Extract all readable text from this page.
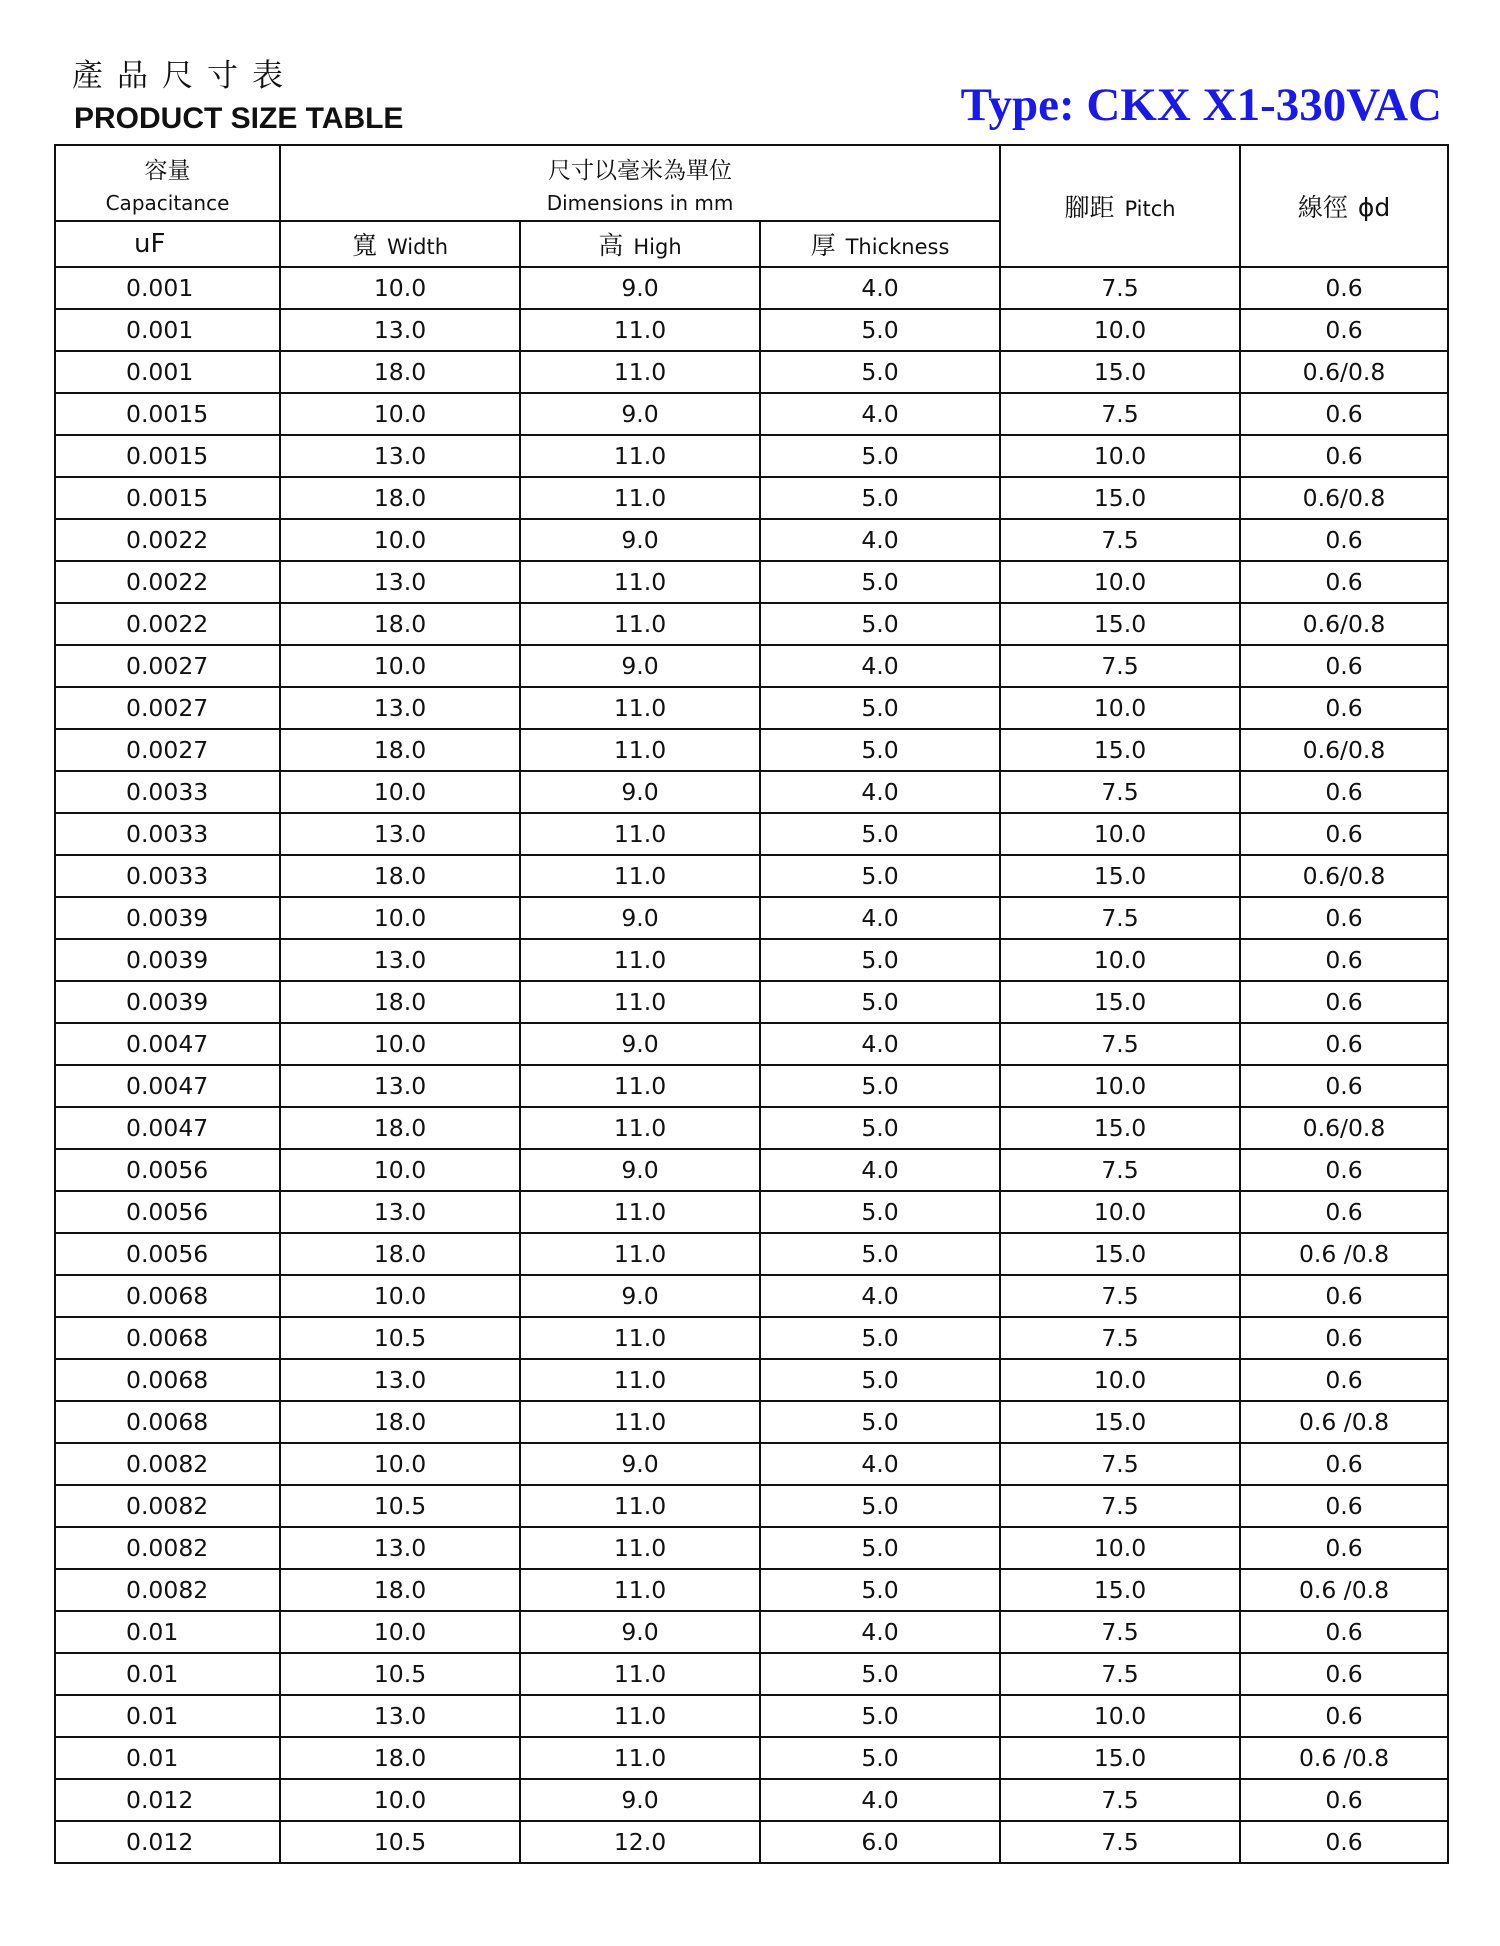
產品尺寸表
PRODUCT SIZE TABLE	Type: CKX X1-330VAC
容量
Capacitance	尺寸以毫米為單位
Dimensions in mm			腳距 Pitch	線徑 ϕd
uF	寬 Width	高 High	厚 Thickness		
0.001	10.0	9.0	4.0	7.5	0.6
0.001	13.0	11.0	5.0	10.0	0.6
0.001	18.0	11.0	5.0	15.0	0.6/0.8
0.0015	10.0	9.0	4.0	7.5	0.6
0.0015	13.0	11.0	5.0	10.0	0.6
0.0015	18.0	11.0	5.0	15.0	0.6/0.8
0.0022	10.0	9.0	4.0	7.5	0.6
0.0022	13.0	11.0	5.0	10.0	0.6
0.0022	18.0	11.0	5.0	15.0	0.6/0.8
0.0027	10.0	9.0	4.0	7.5	0.6
0.0027	13.0	11.0	5.0	10.0	0.6
0.0027	18.0	11.0	5.0	15.0	0.6/0.8
0.0033	10.0	9.0	4.0	7.5	0.6
0.0033	13.0	11.0	5.0	10.0	0.6
0.0033	18.0	11.0	5.0	15.0	0.6/0.8
0.0039	10.0	9.0	4.0	7.5	0.6
0.0039	13.0	11.0	5.0	10.0	0.6
0.0039	18.0	11.0	5.0	15.0	0.6
0.0047	10.0	9.0	4.0	7.5	0.6
0.0047	13.0	11.0	5.0	10.0	0.6
0.0047	18.0	11.0	5.0	15.0	0.6/0.8
0.0056	10.0	9.0	4.0	7.5	0.6
0.0056	13.0	11.0	5.0	10.0	0.6
0.0056	18.0	11.0	5.0	15.0	0.6 /0.8
0.0068	10.0	9.0	4.0	7.5	0.6
0.0068	10.5	11.0	5.0	7.5	0.6
0.0068	13.0	11.0	5.0	10.0	0.6
0.0068	18.0	11.0	5.0	15.0	0.6 /0.8
0.0082	10.0	9.0	4.0	7.5	0.6
0.0082	10.5	11.0	5.0	7.5	0.6
0.0082	13.0	11.0	5.0	10.0	0.6
0.0082	18.0	11.0	5.0	15.0	0.6 /0.8
0.01	10.0	9.0	4.0	7.5	0.6
0.01	10.5	11.0	5.0	7.5	0.6
0.01	13.0	11.0	5.0	10.0	0.6
0.01	18.0	11.0	5.0	15.0	0.6 /0.8
0.012	10.0	9.0	4.0	7.5	0.6
0.012	10.5	12.0	6.0	7.5	0.6
